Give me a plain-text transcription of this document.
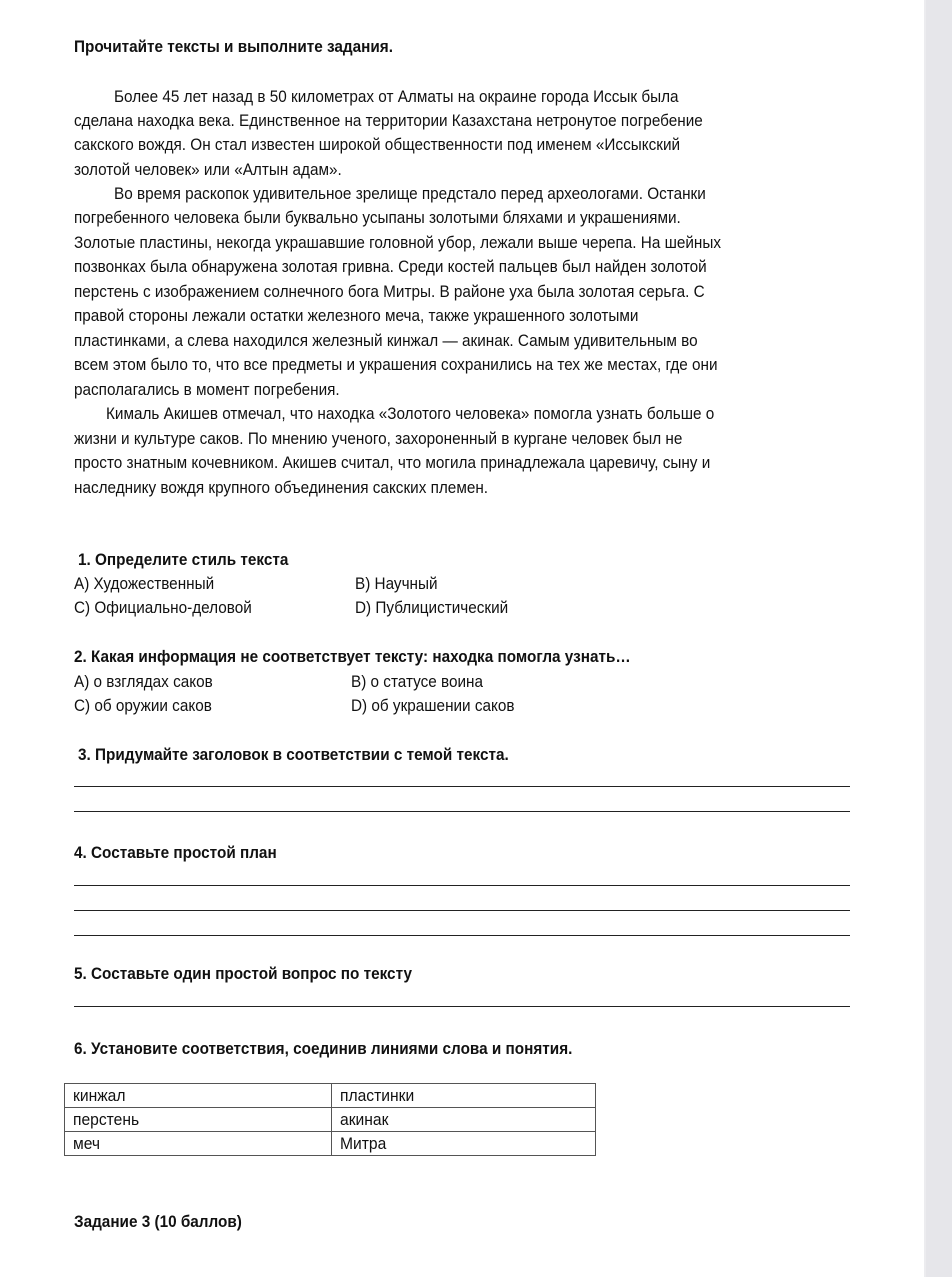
Прочитайте тексты и выполните задания.
Более 45 лет назад в 50 километрах от Алматы на окраине города Иссык была
сделана находка века. Единственное на территории Казахстана нетронутое погребение
сакского вождя. Он стал известен широкой общественности под именем «Иссыкский
золотой человек» или «Алтын адам».
Во время раскопок удивительное зрелище предстало перед археологами. Останки
погребенного человека были буквально усыпаны золотыми бляхами и украшениями.
Золотые пластины, некогда украшавшие головной убор, лежали выше черепа. На шейных
позвонках была обнаружена золотая гривна. Среди костей пальцев был найден золотой
перстень с изображением солнечного бога Митры. В районе уха была золотая серьга. С
правой стороны лежали остатки железного меча, также украшенного золотыми
пластинками, а слева находился железный кинжал — акинак. Самым удивительным во
всем этом было то, что все предметы и украшения сохранились на тех же местах, где они
располагались в момент погребения.
Кималь Акишев отмечал, что находка «Золотого человека» помогла узнать больше о
жизни и культуре саков. По мнению ученого, захороненный в кургане человек был не
просто знатным кочевником. Акишев считал, что могила принадлежала царевичу, сыну и
наследнику вождя крупного объединения сакских племен.
1. Определите стиль текста
А) Художественный	В) Научный
С) Официально-деловой	D) Публицистический
2. Какая информация не соответствует тексту: находка помогла узнать…
А) о взглядах саков	В) о статусе воина
С) об оружии саков	D) об украшении саков
3. Придумайте заголовок в соответствии с темой текста.
4. Составьте простой план
5. Составьте один простой вопрос по тексту
6. Установите соответствия, соединив линиями слова и понятия.
кинжал	пластинки
перстень	акинак
меч	Митра
Задание 3 (10 баллов)
